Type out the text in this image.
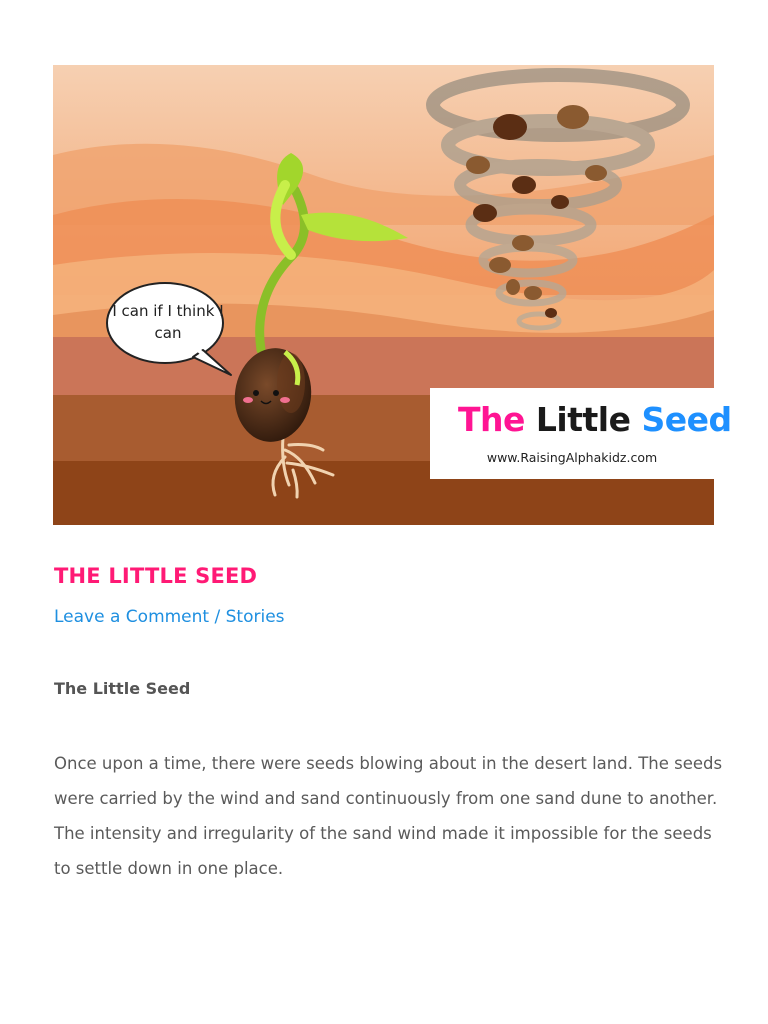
I can if I think I can
The Little Seed
www.RaisingAlphakidz.com
THE LITTLE SEED
Leave a Comment / Stories
The Little Seed

Once upon a time, there were seeds blowing about in the desert land. The seeds were carried by the wind and sand continuously from one sand dune to another. The intensity and irregularity of the sand wind made it impossible for the seeds to settle down in one place.
